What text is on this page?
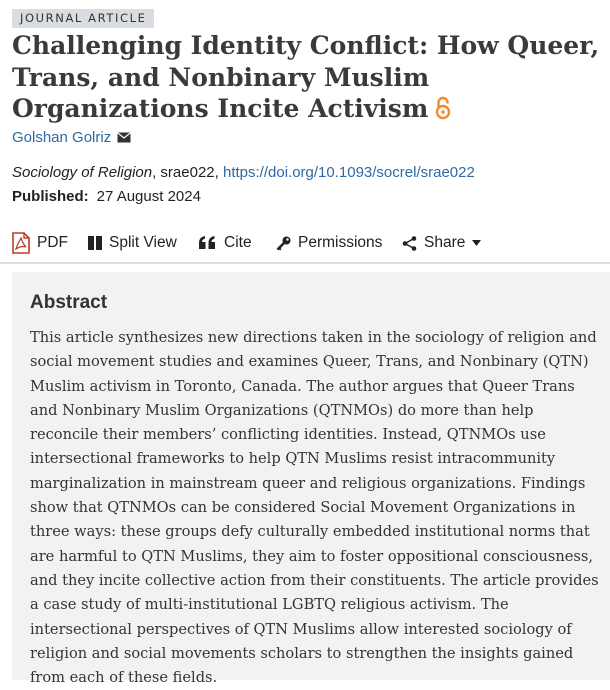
JOURNAL ARTICLE
Challenging Identity Conflict: How Queer, Trans, and Nonbinary Muslim Organizations Incite Activism
Golshan Golriz
Sociology of Religion, srae022, https://doi.org/10.1093/socrel/srae022
Published: 27 August 2024
PDF	Split View	Cite	Permissions	Share
Abstract

This article synthesizes new directions taken in the sociology of religion and social movement studies and examines Queer, Trans, and Nonbinary (QTN) Muslim activism in Toronto, Canada. The author argues that Queer Trans and Nonbinary Muslim Organizations (QTNMOs) do more than help reconcile their members’ conflicting identities. Instead, QTNMOs use intersectional frameworks to help QTN Muslims resist intracommunity marginalization in mainstream queer and religious organizations. Findings show that QTNMOs can be considered Social Movement Organizations in three ways: these groups defy culturally embedded institutional norms that are harmful to QTN Muslims, they aim to foster oppositional consciousness, and they incite collective action from their constituents. The article provides a case study of multi-institutional LGBTQ religious activism. The intersectional perspectives of QTN Muslims allow interested sociology of religion and social movements scholars to strengthen the insights gained from each of these fields.
